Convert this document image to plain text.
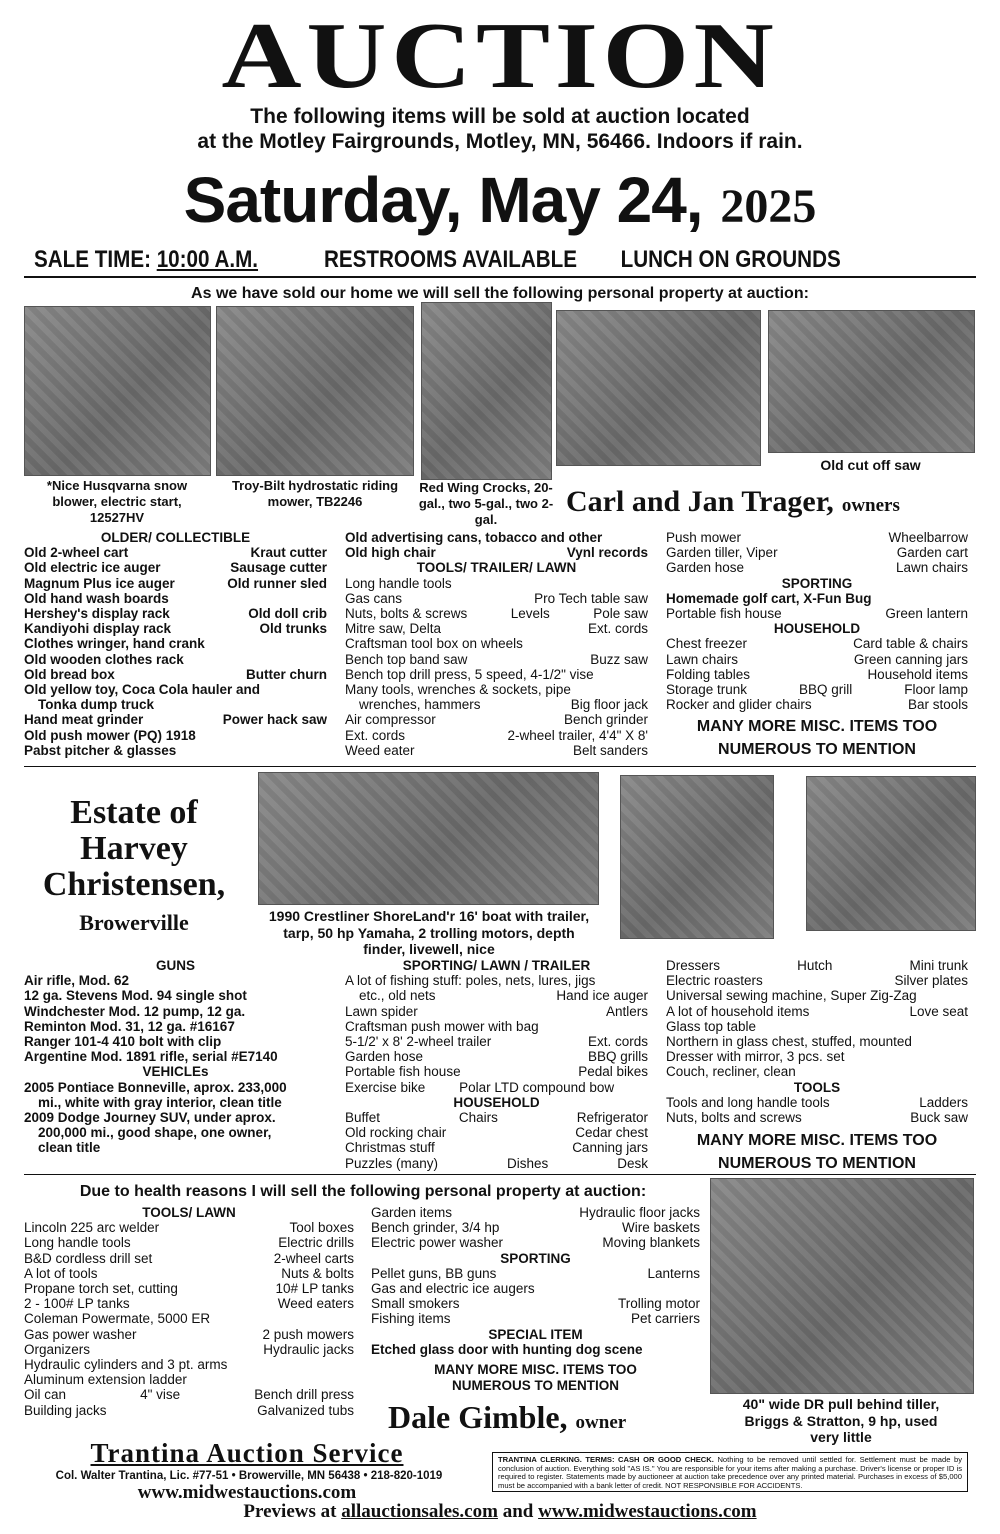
AUCTION
The following items will be sold at auction located
at the Motley Fairgrounds, Motley, MN, 56466. Indoors if rain.
Saturday, May 24, 2025
SALE TIME: 10:00 A.M.	RESTROOMS AVAILABLE LUNCH ON GROUNDS
As we have sold our home we will sell the following personal property at auction:
*Nice Husqvarna snow blower, electric start, 12527HV
Troy-Bilt hydrostatic riding mower, TB2246
Red Wing Crocks, 20-gal., two 5-gal., two 2-gal.
Old cut off saw
Carl and Jan Trager, owners
OLDER/ COLLECTIBLE
Old 2-wheel cart	Kraut cutter
Old electric ice auger	Sausage cutter
Magnum Plus ice auger	Old runner sled
Old hand wash boards
Hershey's display rack	Old doll crib
Kandiyohi display rack	Old trunks
Clothes wringer, hand crank
Old wooden clothes rack
Old bread box	Butter churn
Old yellow toy, Coca Cola hauler and
Tonka dump truck
Hand meat grinder	Power hack saw
Old push mower (PQ) 1918
Pabst pitcher & glasses
Old advertising cans, tobacco and other
Old high chair	Vynl records
TOOLS/ TRAILER/ LAWN
Long handle tools
Gas cans	Pro Tech table saw
Nuts, bolts & screws	Levels	Pole saw
Mitre saw, Delta	Ext. cords
Craftsman tool box on wheels
Bench top band saw	Buzz saw
Bench top drill press, 5 speed, 4-1/2" vise
Many tools, wrenches & sockets, pipe
wrenches, hammers	Big floor jack
Air compressor	Bench grinder
Ext. cords	2-wheel trailer, 4'4" X 8'
Weed eater	Belt sanders
Push mower	Wheelbarrow
Garden tiller, Viper	Garden cart
Garden hose	Lawn chairs
SPORTING
Homemade golf cart, X-Fun Bug
Portable fish house	Green lantern
HOUSEHOLD
Chest freezer	Card table & chairs
Lawn chairs	Green canning jars
Folding tables	Household items
Storage trunk	BBQ grill	Floor lamp
Rocker and glider chairs	Bar stools
MANY MORE MISC. ITEMS TOO
NUMEROUS TO MENTION
Estate of
Harvey
Christensen,
Browerville	1990 Crestliner ShoreLand'r 16' boat with trailer, tarp, 50 hp Yamaha, 2 trolling motors, depth finder, livewell, nice
GUNS
Air rifle, Mod. 62
12 ga. Stevens Mod. 94 single shot
Windchester Mod. 12 pump, 12 ga.
Reminton Mod. 31, 12 ga. #16167
Ranger 101-4 410 bolt with clip
Argentine Mod. 1891 rifle, serial #E7140
VEHICLEs
2005 Pontiace Bonneville, aprox. 233,000
mi., white with gray interior, clean title
2009 Dodge Journey SUV, under aprox.
200,000 mi., good shape, one owner,
clean title
SPORTING/ LAWN / TRAILER
A lot of fishing stuff: poles, nets, lures, jigs
etc., old nets	Hand ice auger
Lawn spider	Antlers
Craftsman push mower with bag
5-1/2' x 8' 2-wheel trailer	Ext. cords
Garden hose	BBQ grills
Portable fish house	Pedal bikes
Exercise bike	Polar LTD compound bow
HOUSEHOLD
Buffet	Chairs	Refrigerator
Old rocking chair	Cedar chest
Christmas stuff	Canning jars
Puzzles (many)	Dishes	Desk
Dressers	Hutch	Mini trunk
Electric roasters	Silver plates
Universal sewing machine, Super Zig-Zag
A lot of household items	Love seat
Glass top table
Northern in glass chest, stuffed, mounted
Dresser with mirror, 3 pcs. set
Couch, recliner, clean
TOOLS
Tools and long handle tools	Ladders
Nuts, bolts and screws	Buck saw
MANY MORE MISC. ITEMS TOO
NUMEROUS TO MENTION
Due to health reasons I will sell the following personal property at auction:
TOOLS/ LAWN
Lincoln 225 arc welder	Tool boxes
Long handle tools	Electric drills
B&D cordless drill set	2-wheel carts
A lot of tools	Nuts & bolts
Propane torch set, cutting	10# LP tanks
2 - 100# LP tanks	Weed eaters
Coleman Powermate, 5000 ER
Gas power washer	2 push mowers
Organizers	Hydraulic jacks
Hydraulic cylinders and 3 pt. arms
Aluminum extension ladder
Oil can	4" vise	Bench drill press
Building jacks	Galvanized tubs
Garden items	Hydraulic floor jacks
Bench grinder, 3/4 hp	Wire baskets
Electric power washer	Moving blankets
SPORTING
Pellet guns, BB guns	Lanterns
Gas and electric ice augers
Small smokers	Trolling motor
Fishing items	Pet carriers
SPECIAL ITEM
Etched glass door with hunting dog scene
MANY MORE MISC. ITEMS TOO
NUMEROUS TO MENTION
Dale Gimble, owner
40" wide DR pull behind tiller, Briggs & Stratton, 9 hp, used very little
Trantina Auction Service
Col. Walter Trantina, Lic. #77-51 • Browerville, MN 56438 • 218-820-1019
www.midwestauctions.com
TRANTINA CLERKING. TERMS: CASH OR GOOD CHECK. Nothing to be removed until settled for. Settlement must be made by conclusion of auction. Everything sold "AS IS." You are responsible for your items after making a purchase. Driver's license or proper ID is required to register. Statements made by auctioneer at auction take precedence over any printed material. Purchases in excess of $5,000 must be accompanied with a bank letter of credit. NOT RESPONSIBLE FOR ACCIDENTS.
Previews at allauctionsales.com and www.midwestauctions.com
